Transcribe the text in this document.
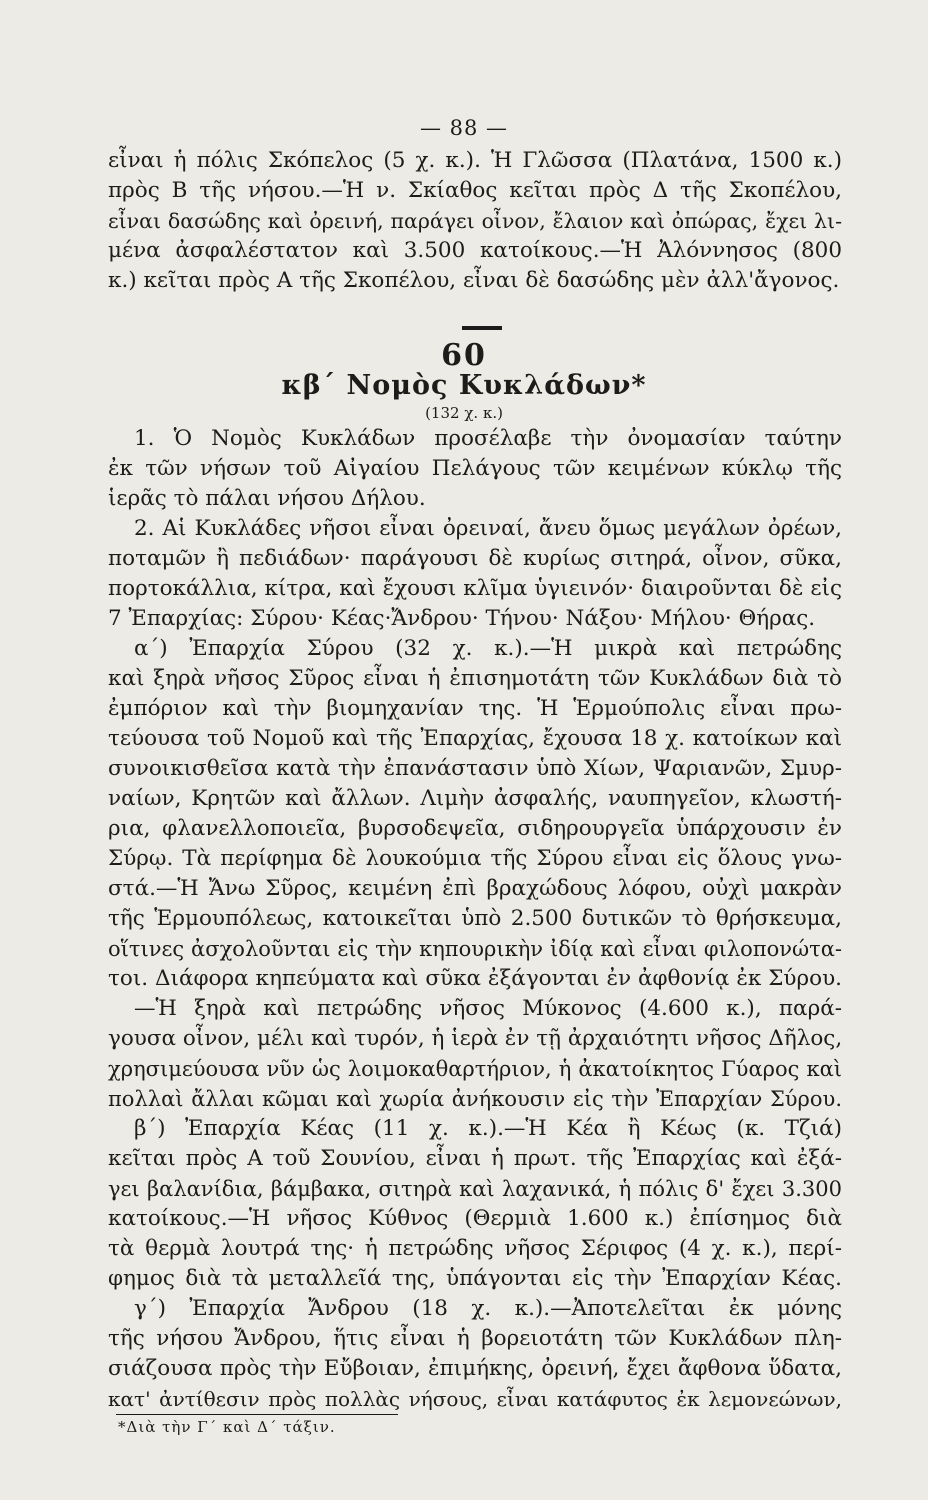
— 88 —
εἶναι ἡ πόλις Σκόπελος (5 χ. κ.). Ἡ Γλῶσσα (Πλατάνα, 1500 κ.)
πρὸς Β τῆς νήσου.—Ἡ ν. Σκίαθος κεῖται πρὸς Δ τῆς Σκοπέλου,
εἶναι δασώδης καὶ ὀρεινή, παράγει οἶνον, ἔλαιον καὶ ὀπώρας, ἔχει λι-
μένα ἀσφαλέστατον καὶ 3.500 κατοίκους.—Ἡ Ἀλόννησος (800
κ.) κεῖται πρὸς Α τῆς Σκοπέλου, εἶναι δὲ δασώδης μὲν ἀλλ'ἄγονος.
60
κβ΄ Νομὸς Κυκλάδων*
(132 χ. κ.)
1. Ὁ Νομὸς Κυκλάδων προσέλαβε τὴν ὀνομασίαν ταύτην
ἐκ τῶν νήσων τοῦ Αἰγαίου Πελάγους τῶν κειμένων κύκλῳ τῆς
ἱερᾶς τὸ πάλαι νήσου Δήλου.
2. Αἱ Κυκλάδες νῆσοι εἶναι ὀρειναί, ἄνευ ὅμως μεγάλων ὀρέων,
ποταμῶν ἢ πεδιάδων· παράγουσι δὲ κυρίως σιτηρά, οἶνον, σῦκα,
πορτοκάλλια, κίτρα, καὶ ἔχουσι κλῖμα ὑγιεινόν· διαιροῦνται δὲ εἰς
7 Ἐπαρχίας: Σύρου· Κέας·Ἄνδρου· Τήνου· Νάξου· Μήλου· Θήρας.
α΄) Ἐπαρχία Σύρου (32 χ. κ.).—Ἡ μικρὰ καὶ πετρώδης
καὶ ξηρὰ νῆσος Σῦρος εἶναι ἡ ἐπισημοτάτη τῶν Κυκλάδων διὰ τὸ
ἐμπόριον καὶ τὴν βιομηχανίαν της. Ἡ Ἑρμούπολις εἶναι πρω-
τεύουσα τοῦ Νομοῦ καὶ τῆς Ἐπαρχίας, ἔχουσα 18 χ. κατοίκων καὶ
συνοικισθεῖσα κατὰ τὴν ἐπανάστασιν ὑπὸ Χίων, Ψαριανῶν, Σμυρ-
ναίων, Κρητῶν καὶ ἄλλων. Λιμὴν ἀσφαλής, ναυπηγεῖον, κλωστή-
ρια, φλανελλοποιεῖα, βυρσοδεψεῖα, σιδηρουργεῖα ὑπάρχουσιν ἐν
Σύρῳ. Τὰ περίφημα δὲ λουκούμια τῆς Σύρου εἶναι εἰς ὅλους γνω-
στά.—Ἡ Ἄνω Σῦρος, κειμένη ἐπὶ βραχώδους λόφου, οὐχὶ μακρὰν
τῆς Ἑρμουπόλεως, κατοικεῖται ὑπὸ 2.500 δυτικῶν τὸ θρήσκευμα,
οἵτινες ἀσχολοῦνται εἰς τὴν κηπουρικὴν ἰδίᾳ καὶ εἶναι φιλοπονώτα-
τοι. Διάφορα κηπεύματα καὶ σῦκα ἐξάγονται ἐν ἀφθονίᾳ ἐκ Σύρου.
—Ἡ ξηρὰ καὶ πετρώδης νῆσος Μύκονος (4.600 κ.), παρά-
γουσα οἶνον, μέλι καὶ τυρόν, ἡ ἱερὰ ἐν τῇ ἀρχαιότητι νῆσος Δῆλος,
χρησιμεύουσα νῦν ὡς λοιμοκαθαρτήριον, ἡ ἀκατοίκητος Γύαρος καὶ
πολλαὶ ἄλλαι κῶμαι καὶ χωρία ἀνήκουσιν εἰς τὴν Ἐπαρχίαν Σύρου.
β΄) Ἐπαρχία Κέας (11 χ. κ.).—Ἡ Κέα ἢ Κέως (κ. Τζιά)
κεῖται πρὸς Α τοῦ Σουνίου, εἶναι ἡ πρωτ. τῆς Ἐπαρχίας καὶ ἐξά-
γει βαλανίδια, βάμβακα, σιτηρὰ καὶ λαχανικά, ἡ πόλις δ' ἔχει 3.300
κατοίκους.—Ἡ νῆσος Κύθνος (Θερμιὰ 1.600 κ.) ἐπίσημος διὰ
τὰ θερμὰ λουτρά της· ἡ πετρώδης νῆσος Σέριφος (4 χ. κ.), περί-
φημος διὰ τὰ μεταλλεῖά της, ὑπάγονται εἰς τὴν Ἐπαρχίαν Κέας.
γ΄) Ἐπαρχία Ἄνδρου (18 χ. κ.).—Ἀποτελεῖται ἐκ μόνης
τῆς νήσου Ἄνδρου, ἥτις εἶναι ἡ βορειοτάτη τῶν Κυκλάδων πλη-
σιάζουσα πρὸς τὴν Εὔβοιαν, ἐπιμήκης, ὀρεινή, ἔχει ἄφθονα ὕδατα,
κατ' ἀντίθεσιν πρὸς πολλὰς νήσους, εἶναι κατάφυτος ἐκ λεμονεώνων,
*Διὰ τὴν Γ΄ καὶ Δ΄ τάξιν.
